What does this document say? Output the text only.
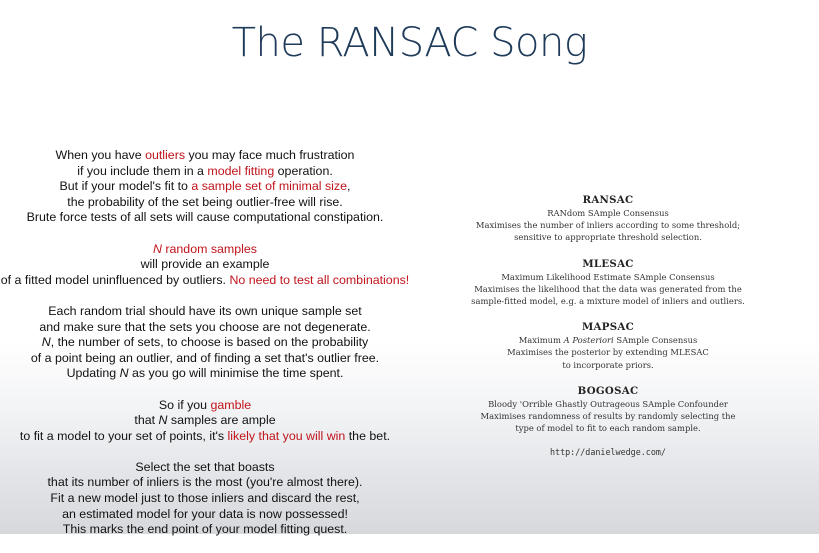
The RANSAC Song
When you have outliers you may face much frustration
if you include them in a model fitting operation.
But if your model's fit to a sample set of minimal size,
the probability of the set being outlier-free will rise.
Brute force tests of all sets will cause computational constipation.
N random samples
will provide an example
of a fitted model uninfluenced by outliers. No need to test all combinations!
Each random trial should have its own unique sample set
and make sure that the sets you choose are not degenerate.
N, the number of sets, to choose is based on the probability
of a point being an outlier, and of finding a set that's outlier free.
Updating N as you go will minimise the time spent.
So if you gamble
that N samples are ample
to fit a model to your set of points, it's likely that you will win the bet.
Select the set that boasts
that its number of inliers is the most (you're almost there).
Fit a new model just to those inliers and discard the rest,
an estimated model for your data is now possessed!
This marks the end point of your model fitting quest.
RANSAC
RANdom SAmple Consensus
Maximises the number of inliers according to some threshold;
sensitive to appropriate threshold selection.
MLESAC
Maximum Likelihood Estimate SAmple Consensus
Maximises the likelihood that the data was generated from the
sample-fitted model, e.g. a mixture model of inliers and outliers.
MAPSAC
Maximum A Posteriori SAmple Consensus
Maximises the posterior by extending MLESAC
to incorporate priors.
BOGOSAC
Bloody 'Orrible Ghastly Outrageous SAmple Confounder
Maximises randomness of results by randomly selecting the
type of model to fit to each random sample.
http://danielwedge.com/
